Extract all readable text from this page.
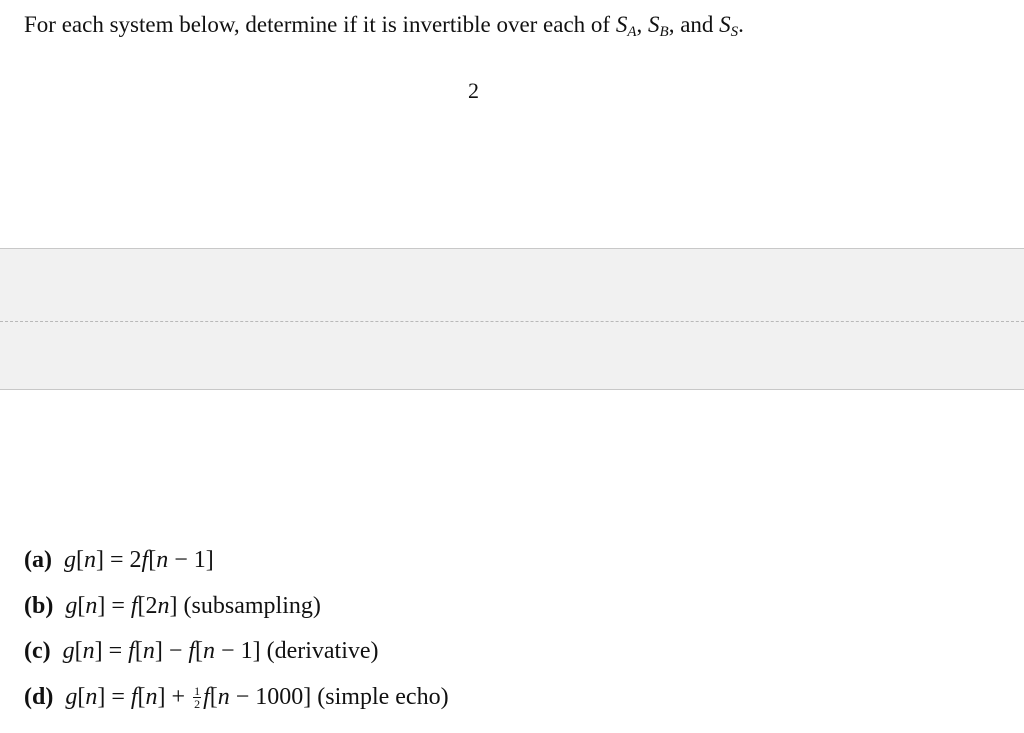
For each system below, determine if it is invertible over each of $S_A$, $S_B$, and $S_S$.
2
(a) g[n] = 2f[n − 1]
(b) g[n] = f[2n] (subsampling)
(c) g[n] = f[n] − f[n − 1] (derivative)
(d) $g[n] = f[n] + \frac{1}{2} f[n - 1000]$ (simple echo)
